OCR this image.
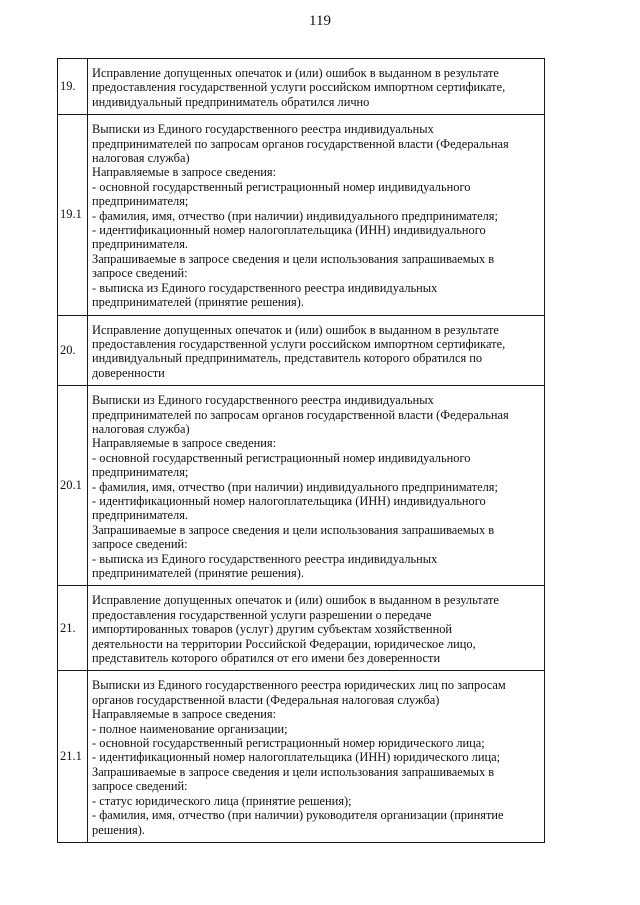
119
19.
Исправление допущенных опечаток и (или) ошибок в выданном в результате
предоставления государственной услуги российском импортном сертификате,
индивидуальный предприниматель обратился лично
19.1
Выписки из Единого государственного реестра индивидуальных
предпринимателей по запросам органов государственной власти (Федеральная
налоговая служба)
Направляемые в запросе сведения:
- основной государственный регистрационный номер индивидуального
предпринимателя;
- фамилия, имя, отчество (при наличии) индивидуального предпринимателя;
- идентификационный номер налогоплательщика (ИНН) индивидуального
предпринимателя.
Запрашиваемые в запросе сведения и цели использования запрашиваемых в
запросе сведений:
- выписка из Единого государственного реестра индивидуальных
предпринимателей (принятие решения).
20.
Исправление допущенных опечаток и (или) ошибок в выданном в результате
предоставления государственной услуги российском импортном сертификате,
индивидуальный предприниматель, представитель которого обратился по
доверенности
20.1
Выписки из Единого государственного реестра индивидуальных
предпринимателей по запросам органов государственной власти (Федеральная
налоговая служба)
Направляемые в запросе сведения:
- основной государственный регистрационный номер индивидуального
предпринимателя;
- фамилия, имя, отчество (при наличии) индивидуального предпринимателя;
- идентификационный номер налогоплательщика (ИНН) индивидуального
предпринимателя.
Запрашиваемые в запросе сведения и цели использования запрашиваемых в
запросе сведений:
- выписка из Единого государственного реестра индивидуальных
предпринимателей (принятие решения).
21.
Исправление допущенных опечаток и (или) ошибок в выданном в результате
предоставления государственной услуги разрешении о передаче
импортированных товаров (услуг) другим субъектам хозяйственной
деятельности на территории Российской Федерации, юридическое лицо,
представитель которого обратился от его имени без доверенности
21.1
Выписки из Единого государственного реестра юридических лиц по запросам
органов государственной власти (Федеральная налоговая служба)
Направляемые в запросе сведения:
- полное наименование организации;
- основной государственный регистрационный номер юридического лица;
- идентификационный номер налогоплательщика (ИНН) юридического лица;
Запрашиваемые в запросе сведения и цели использования запрашиваемых в
запросе сведений:
- статус юридического лица (принятие решения);
- фамилия, имя, отчество (при наличии) руководителя организации (принятие
решения).
